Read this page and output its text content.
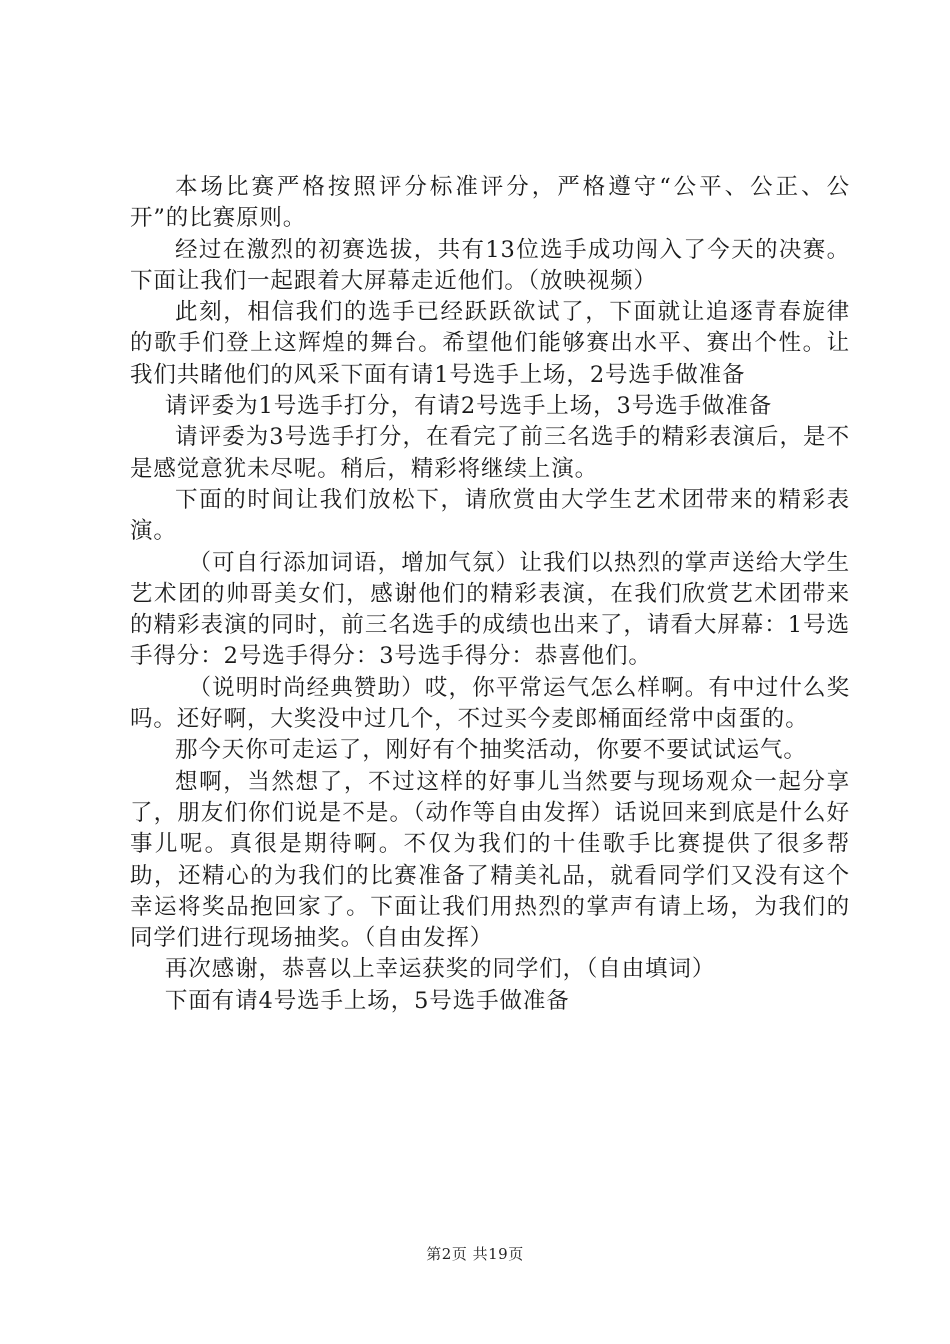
本场比赛严格按照评分标准评分，严格遵守“公平、公正、公开”的比赛原则。

经过在激烈的初赛选拔，共有13位选手成功闯入了今天的决赛。下面让我们一起跟着大屏幕走近他们。（放映视频）

此刻，相信我们的选手已经跃跃欲试了，下面就让追逐青春旋律的歌手们登上这辉煌的舞台。希望他们能够赛出水平、赛出个性。让我们共睹他们的风采下面有请1号选手上场，2号选手做准备

请评委为1号选手打分，有请2号选手上场，3号选手做准备

请评委为3号选手打分，在看完了前三名选手的精彩表演后，是不是感觉意犹未尽呢。稍后，精彩将继续上演。

下面的时间让我们放松下，请欣赏由大学生艺术团带来的精彩表演。

（可自行添加词语，增加气氛）让我们以热烈的掌声送给大学生艺术团的帅哥美女们，感谢他们的精彩表演，在我们欣赏艺术团带来的精彩表演的同时，前三名选手的成绩也出来了，请看大屏幕：1号选手得分：2号选手得分：3号选手得分：恭喜他们。

（说明时尚经典赞助）哎，你平常运气怎么样啊。有中过什么奖吗。还好啊，大奖没中过几个，不过买今麦郎桶面经常中卤蛋的。

那今天你可走运了，刚好有个抽奖活动，你要不要试试运气。

想啊，当然想了，不过这样的好事儿当然要与现场观众一起分享了，朋友们你们说是不是。（动作等自由发挥）话说回来到底是什么好事儿呢。真很是期待啊。不仅为我们的十佳歌手比赛提供了很多帮助，还精心的为我们的比赛准备了精美礼品，就看同学们又没有这个幸运将奖品抱回家了。下面让我们用热烈的掌声有请上场，为我们的同学们进行现场抽奖。（自由发挥）

再次感谢，恭喜以上幸运获奖的同学们，（自由填词）

下面有请4号选手上场，5号选手做准备

第2页 共19页
